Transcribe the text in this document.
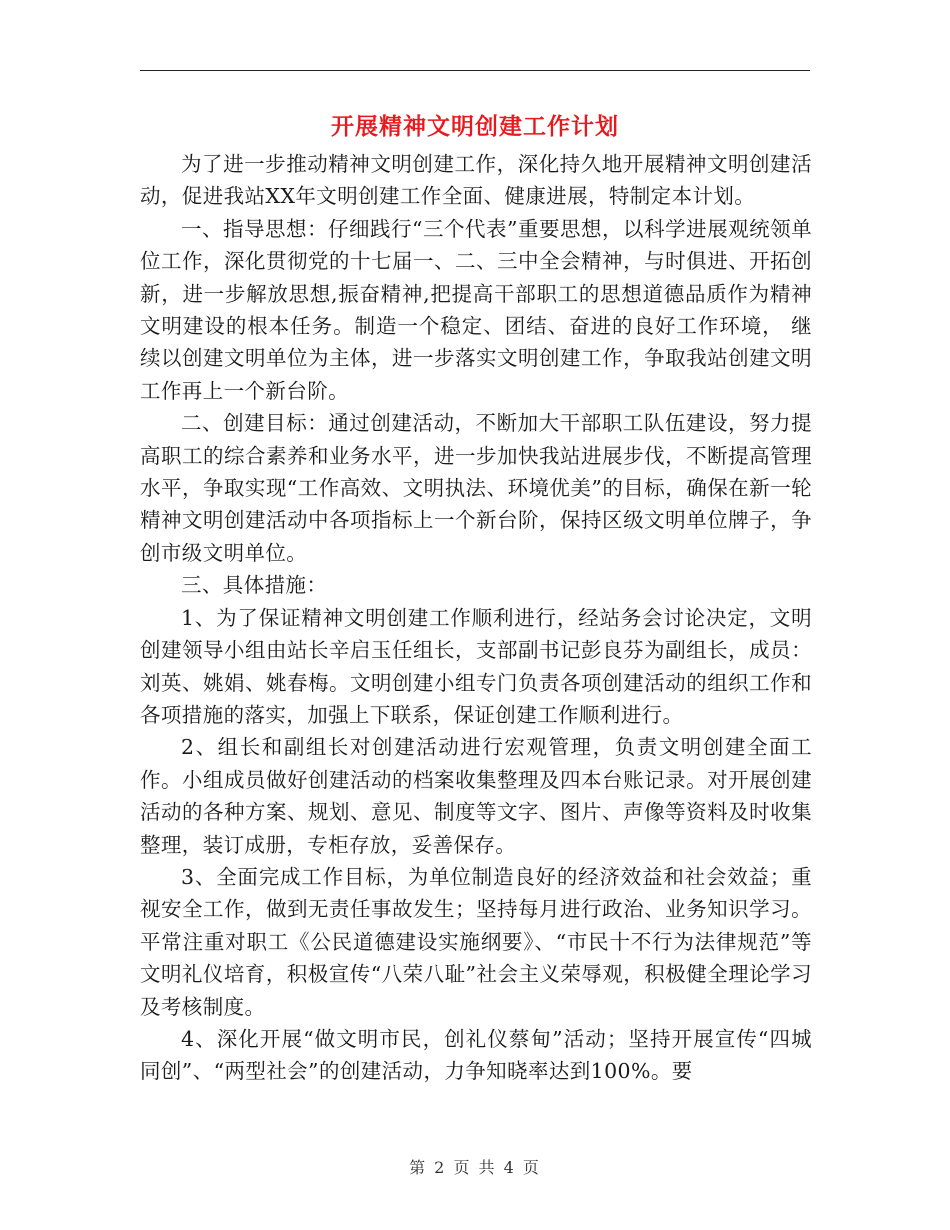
开展精神文明创建工作计划

为了进一步推动精神文明创建工作，深化持久地开展精神文明创建活动，促进我站XX年文明创建工作全面、健康进展，特制定本计划。

一、指导思想：仔细践行“三个代表”重要思想，以科学进展观统领单位工作，深化贯彻党的十七届一、二、三中全会精神，与时俱进、开拓创新，进一步解放思想,振奋精神,把提高干部职工的思想道德品质作为精神文明建设的根本任务。制造一个稳定、团结、奋进的良好工作环境， 继续以创建文明单位为主体，进一步落实文明创建工作，争取我站创建文明工作再上一个新台阶。

二、创建目标：通过创建活动，不断加大干部职工队伍建设，努力提高职工的综合素养和业务水平，进一步加快我站进展步伐，不断提高管理水平，争取实现“工作高效、文明执法、环境优美”的目标，确保在新一轮精神文明创建活动中各项指标上一个新台阶，保持区级文明单位牌子，争创市级文明单位。

三、具体措施：

1、为了保证精神文明创建工作顺利进行，经站务会讨论决定，文明创建领导小组由站长辛启玉任组长，支部副书记彭良芬为副组长，成员：刘英、姚娟、姚春梅。文明创建小组专门负责各项创建活动的组织工作和各项措施的落实，加强上下联系，保证创建工作顺利进行。

2、组长和副组长对创建活动进行宏观管理，负责文明创建全面工作。小组成员做好创建活动的档案收集整理及四本台账记录。对开展创建活动的各种方案、规划、意见、制度等文字、图片、声像等资料及时收集整理，装订成册，专柜存放，妥善保存。

3、全面完成工作目标，为单位制造良好的经济效益和社会效益；重视安全工作，做到无责任事故发生；坚持每月进行政治、业务知识学习。平常注重对职工《公民道德建设实施纲要》、“市民十不行为法律规范”等文明礼仪培育，积极宣传“八荣八耻”社会主义荣辱观，积极健全理论学习及考核制度。

4、深化开展“做文明市民，创礼仪蔡甸”活动；坚持开展宣传“四城同创”、“两型社会”的创建活动，力争知晓率达到100%。要

第 2 页 共 4 页
